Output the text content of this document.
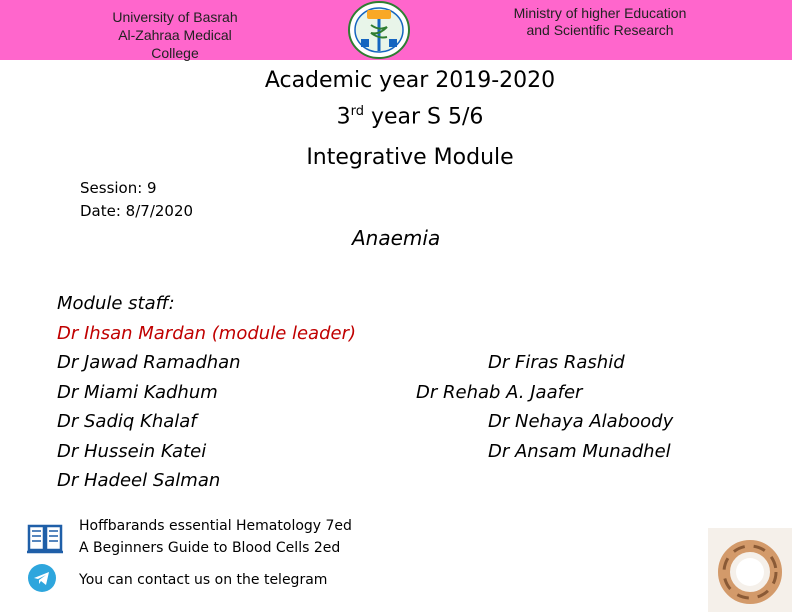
University of Basrah
Al-Zahraa Medical
College
Ministry of higher Education
and Scientific Research
Academic year 2019-2020
3rd year S 5/6
Integrative Module
Session: 9
Date: 8/7/2020
Anaemia
Module staff:
Dr Ihsan Mardan (module leader)
Dr Jawad Ramadhan
Dr Miami Kadhum
Dr Sadiq Khalaf
Dr Hussein Katei
Dr Hadeel Salman
Dr Firas Rashid
Dr Rehab A. Jaafer
Dr Nehaya Alaboody
Dr Ansam Munadhel
Hoffbarands essential Hematology 7ed
A Beginners Guide to Blood Cells 2ed
You can contact us on the telegram
